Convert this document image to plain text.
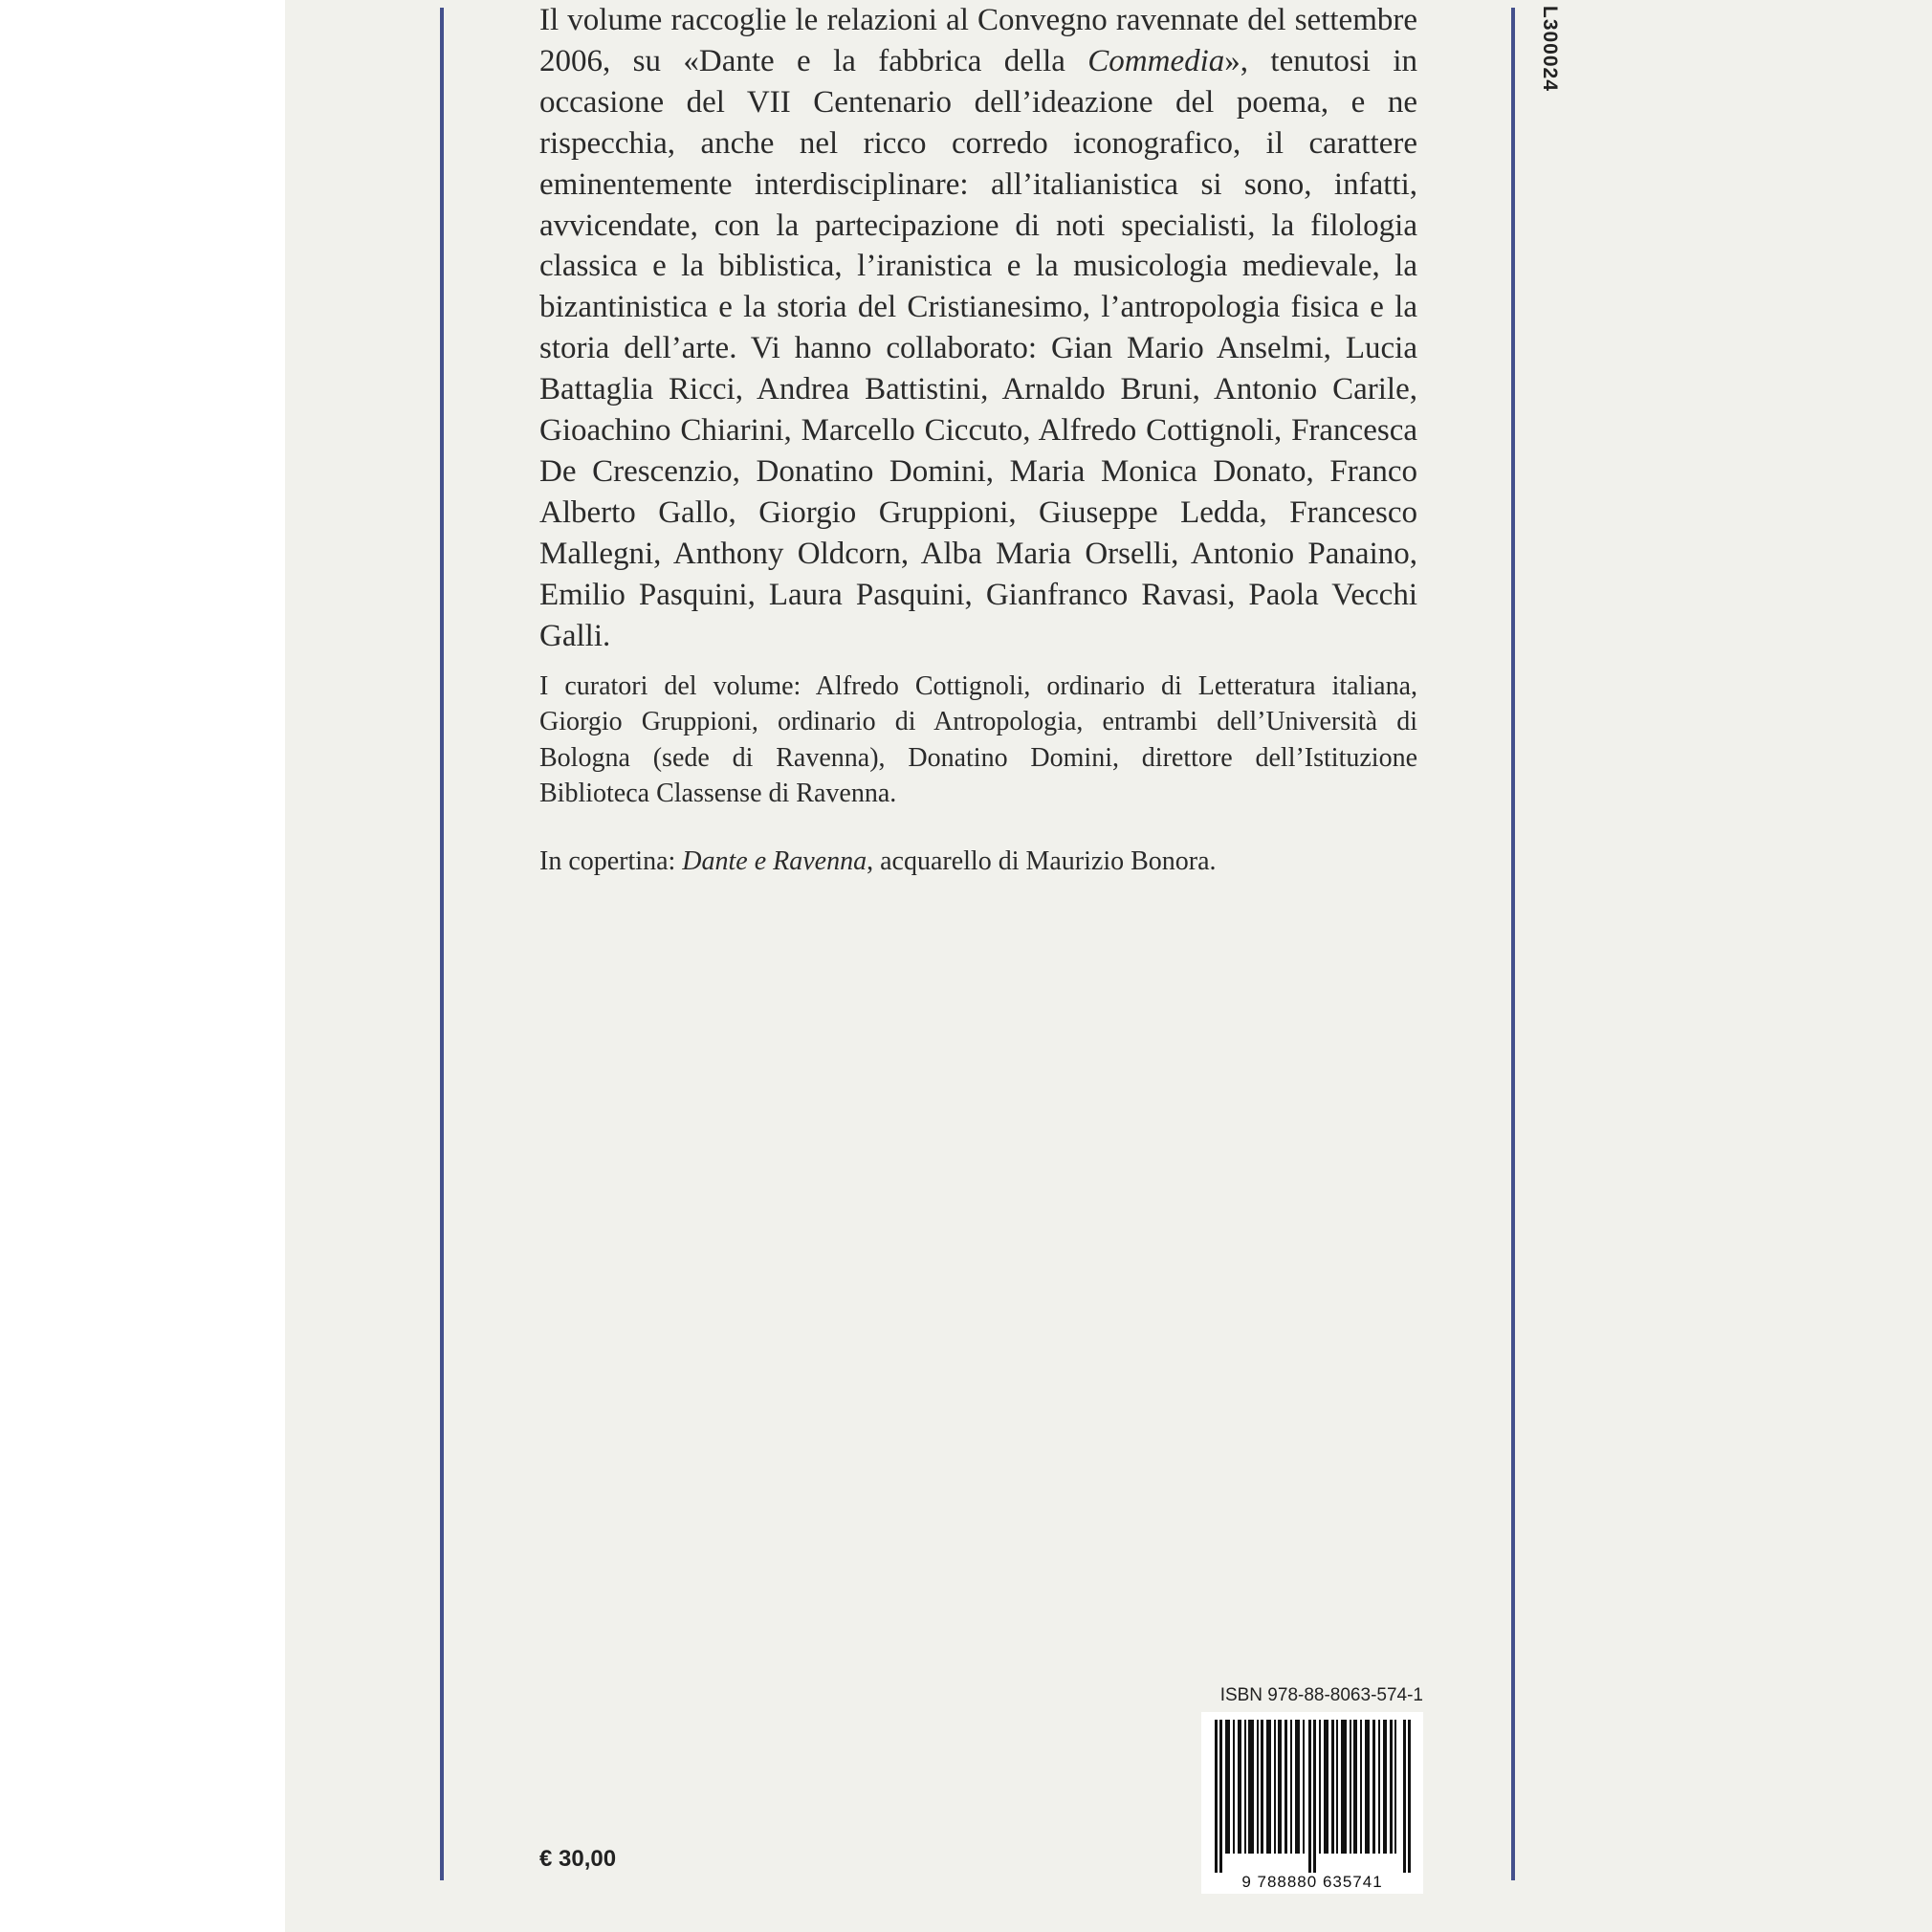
L300024

Il volume raccoglie le relazioni al Convegno ravennate del settembre 2006, su «Dante e la fabbrica della Commedia», tenutosi in occasione del VII Centenario dell’ideazione del poema, e ne rispecchia, anche nel ricco corredo iconografico, il carattere eminentemente interdisciplinare: all’italianistica si sono, infatti, avvicendate, con la partecipazione di noti specialisti, la filologia classica e la biblistica, l’iranistica e la musicologia medievale, la bizantinistica e la storia del Cristianesimo, l’antropologia fisica e la storia dell’arte. Vi hanno collaborato: Gian Mario Anselmi, Lucia Battaglia Ricci, Andrea Battistini, Arnaldo Bruni, Antonio Carile, Gioachino Chiarini, Marcello Ciccuto, Alfredo Cottignoli, Francesca De Crescenzio, Donatino Domini, Maria Monica Donato, Franco Alberto Gallo, Giorgio Gruppioni, Giuseppe Ledda, Francesco Mallegni, Anthony Oldcorn, Alba Maria Orselli, Antonio Panaino, Emilio Pasquini, Laura Pasquini, Gianfranco Ravasi, Paola Vecchi Galli.

I curatori del volume: Alfredo Cottignoli, ordinario di Letteratura italiana, Giorgio Gruppioni, ordinario di Antropologia, entrambi dell’Università di Bologna (sede di Ravenna), Donatino Domini, direttore dell’Istituzione Biblioteca Classense di Ravenna.

In copertina: Dante e Ravenna, acquarello di Maurizio Bonora.

€ 30,00
ISBN 978-88-8063-574-1
9 788880 635741
